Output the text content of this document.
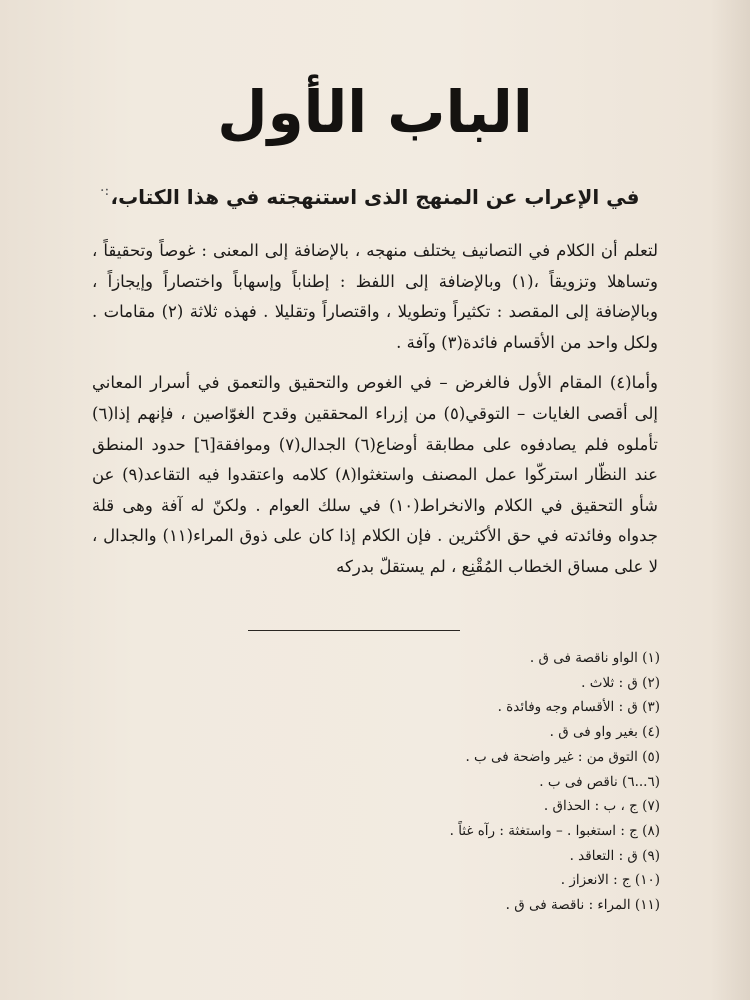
الباب الأول
·: في الإعراب عن المنهج الذى استنهجته في هذا الكتاب،

لتعلم أن الكلام في التصانيف يختلف منهجه ، بالإضافة إلى المعنى : غوصاً وتحقيقاً ، وتساهلا وتزويقاً ،(١) وبالإضافة إلى اللفظ : إطناباً وإسهاباً واختصاراً وإيجازاً ، وبالإضافة إلى المقصد : تكثيراً وتطويلا ، واقتصاراً وتقليلا . فهذه ثلاثة (٢) مقامات . ولكل واحد من الأقسام فائدة(٣) وآفة .

وأما(٤) المقام الأول فالغرض – في الغوص والتحقيق والتعمق في أسرار المعاني إلى أقصى الغايات – التوقي(٥) من إزراء المحققين وقدح الغوّاصين ، فإنهم إذا(٦) تأملوه فلم يصادفوه على مطابقة أوضاع(٦) الجدال(٧) وموافقة[٦] حدود المنطق عند النظّار استركّوا عمل المصنف واستغثوا(٨) كلامه واعتقدوا فيه التقاعد(٩) عن شأو التحقيق في الكلام والانخراط(١٠) في سلك العوام . ولكنّ له آفة وهى قلة جدواه وفائدته في حق الأكثرين . فإن الكلام إذا كان على ذوق المراء(١١) والجدال ، لا على مساق الخطاب المُقْنِع ، لم يستقلّ بدركه

(١) الواو ناقصة فى ق .
(٢) ق : ثلاث .
(٣) ق : الأقسام وجه وفائدة .
(٤) بغير واو فى ق .
(٥) التوق من : غير واضحة فى ب .
(٦...٦) ناقص فى ب .
(٧) ج ، ب : الحذاق .
(٨) ج : استغبوا . – واستغثة : رآه غثاً .
(٩) ق : التعاقد .
(١٠) ج : الانعزاز .
(١١) المراء : ناقصة فى ق .
